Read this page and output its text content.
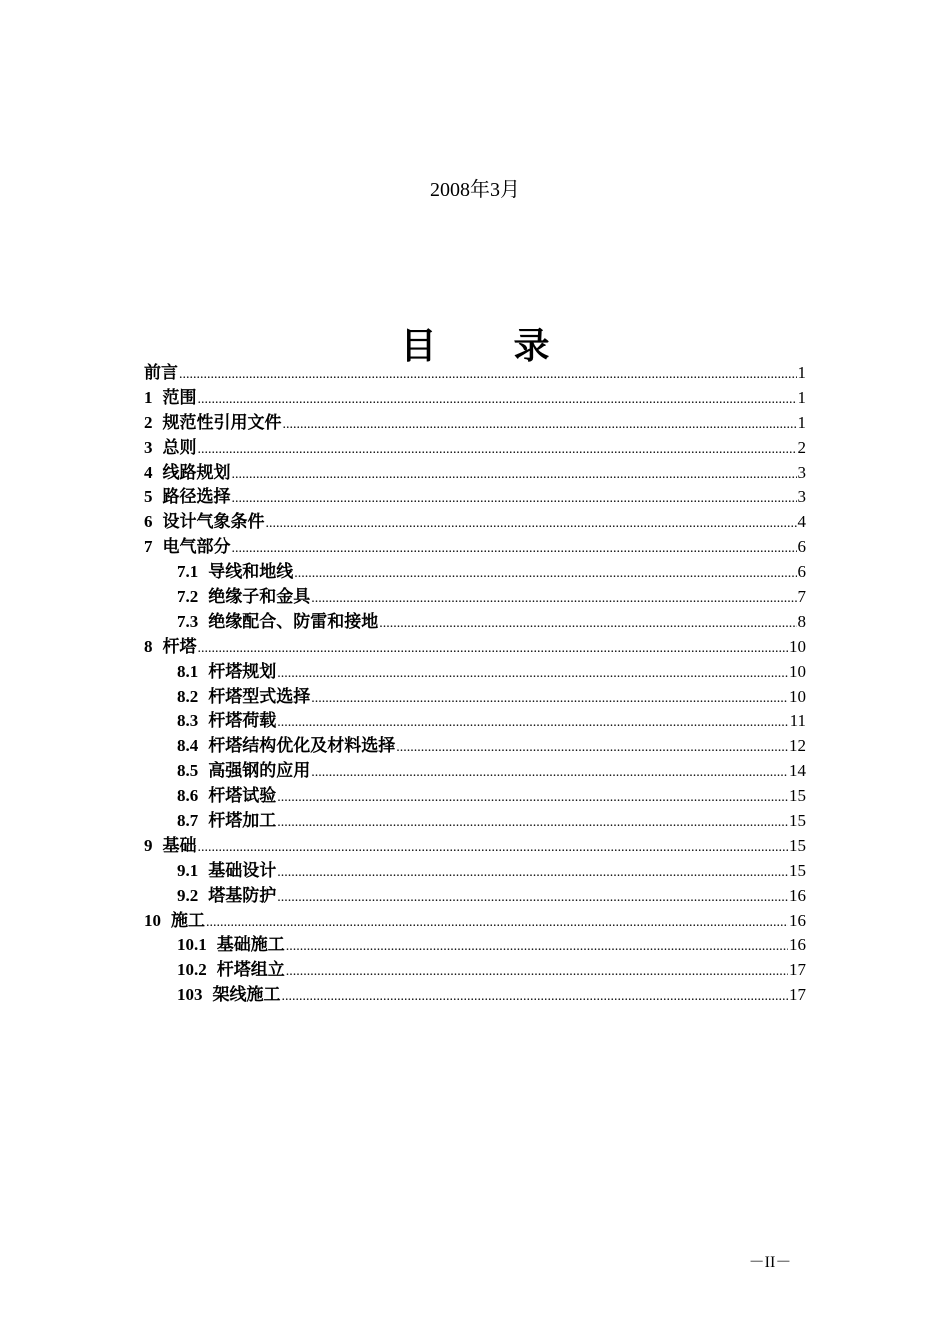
2008年3月
目 录
前言 .....	1
1 范围 .....	1
2 规范性引用文件 .....	1
3 总则 .....	2
4 线路规划 .....	3
5 路径选择 .....	3
6 设计气象条件 .....	4
7 电气部分 .....	6
7.1 导线和地线 .....	6
7.2 绝缘子和金具 .....	7
7.3 绝缘配合、防雷和接地 .....	8
8 杆塔 .....	10
8.1 杆塔规划 .....	10
8.2 杆塔型式选择 .....	10
8.3 杆塔荷载 .....	11
8.4 杆塔结构优化及材料选择 .....	12
8.5 高强钢的应用 .....	14
8.6 杆塔试验 .....	15
8.7 杆塔加工 .....	15
9 基础 .....	15
9.1 基础设计 .....	15
9.2 塔基防护 .....	16
10 施工 .....	16
10.1 基础施工 .....	16
10.2 杆塔组立 .....	17
103 架线施工 .....	17
－II－
